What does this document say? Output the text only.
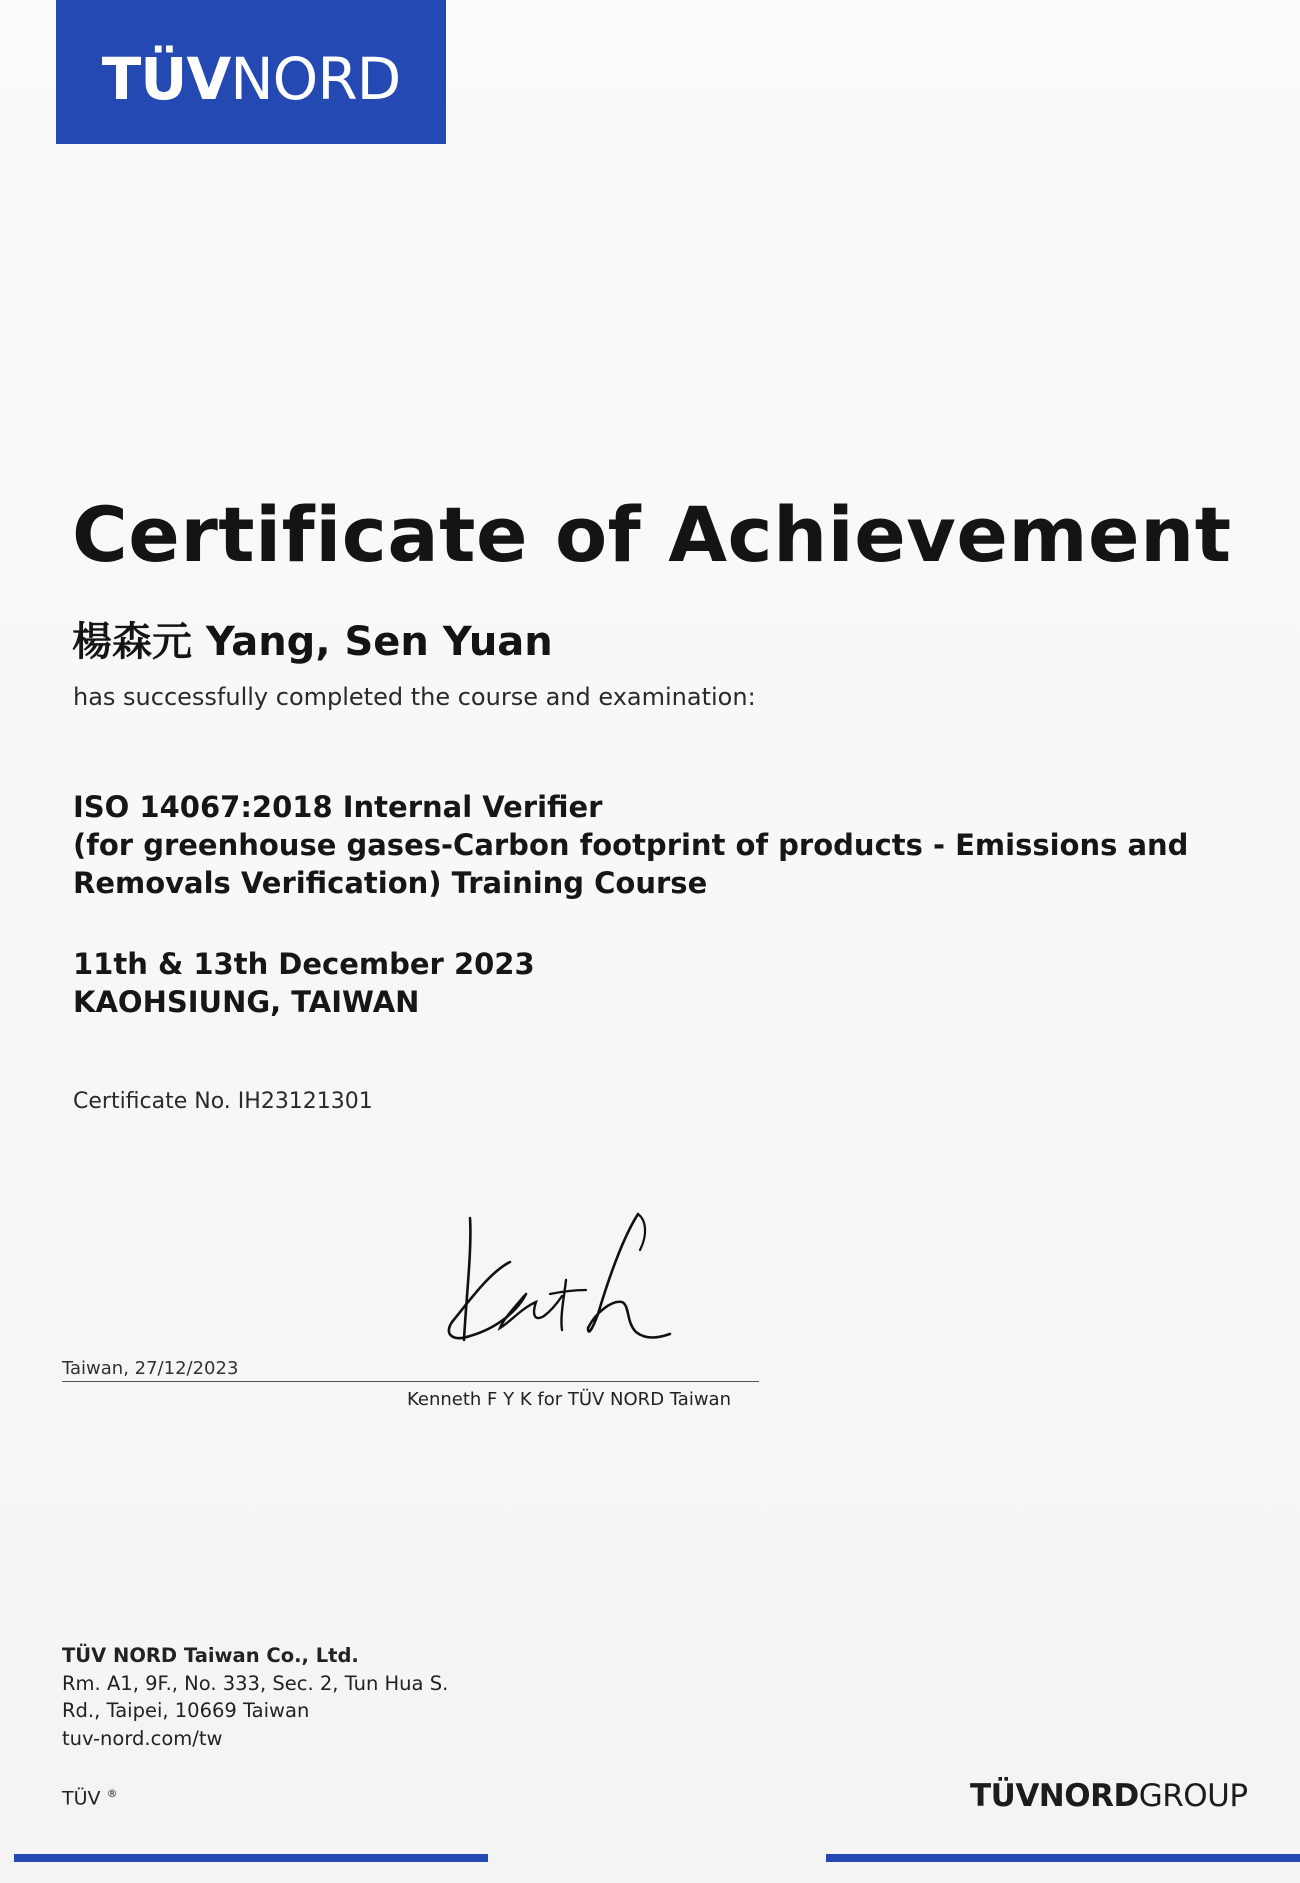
TÜVNORD
Certificate of Achievement
楊森元 Yang, Sen Yuan
has successfully completed the course and examination:
ISO 14067:2018 Internal Verifier
(for greenhouse gases-Carbon footprint of products - Emissions and
Removals Verification) Training Course
11th & 13th December 2023
KAOHSIUNG, TAIWAN
Certificate No. IH23121301
Taiwan, 27/12/2023
Kenneth F Y K for TÜV NORD Taiwan
TÜV NORD Taiwan Co., Ltd.
Rm. A1, 9F., No. 333, Sec. 2, Tun Hua S.
Rd., Taipei, 10669 Taiwan
tuv-nord.com/tw
TÜV ®	TÜVNORDGROUP
